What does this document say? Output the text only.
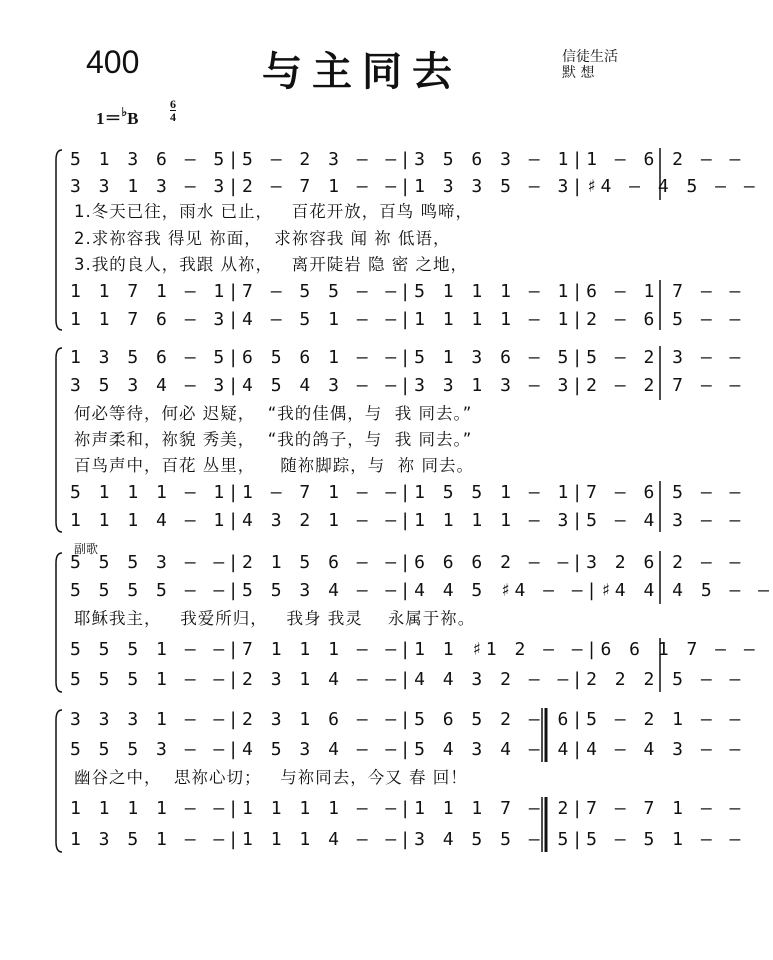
400	与主同去	信徒生活
默 想
1＝♭B
6
4
副歌
5 1 3 6 – 5|5 – 2 3 – –|3 5 6 3 – 1|1 – 6 2 – –
3 3 1 3 – 3|2 – 7 1 – –|1 3 3 5 – 3|♯4 – 4 5 – –
1.冬天已往，雨水 已止，   百花开放，百鸟 鸣啼，
2.求祢容我 得见 祢面，  求祢容我 闻 祢 低语，
3.我的良人，我跟 从祢，   离开陡岩 隐 密 之地，
1 1 7 1 – 1|7 – 5 5 – –|5 1 1 1 – 1|6 – 1 7 – –
1 1 7 6 – 3|4 – 5 1 – –|1 1 1 1 – 1|2 – 6 5 – –
1 3 5 6 – 5|6 5 6 1 – –|5 1 3 6 – 5|5 – 2 3 – –
3 5 3 4 – 3|4 5 4 3 – –|3 3 1 3 – 3|2 – 2 7 – –
何必等待，何必 迟疑，  “我的佳偶，与  我 同去。”
祢声柔和，祢貌 秀美，  “我的鸽子，与  我 同去。”
百鸟声中，百花 丛里，    随祢脚踪，与  祢 同去。
5 1 1 1 – 1|1 – 7 1 – –|1 5 5 1 – 1|7 – 6 5 – –
1 1 1 4 – 1|4 3 2 1 – –|1 1 1 1 – 3|5 – 4 3 – –
5 5 5 3 – –|2 1 5 6 – –|6 6 6 2 – –|3 2 6 2 – –
5 5 5 5 – –|5 5 3 4 – –|4 4 5 ♯4 – –|♯4 4 4 5 – –
耶稣我主，   我爱所归，   我身 我灵    永属于祢。
5 5 5 1 – –|7 1 1 1 – –|1 1 ♯1 2 – –|6 6 1 7 – –
5 5 5 1 – –|2 3 1 4 – –|4 4 3 2 – –|2 2 2 5 – –
3 3 3 1 – –|2 3 1 6 – –|5 6 5 2 – 6|5 – 2 1 – –
5 5 5 3 – –|4 5 3 4 – –|5 4 3 4 – 4|4 – 4 3 – –
幽谷之中，  思祢心切；   与祢同去，今又 春 回！
1 1 1 1 – –|1 1 1 1 – –|1 1 1 7 – 2|7 – 7 1 – –
1 3 5 1 – –|1 1 1 4 – –|3 4 5 5 – 5|5 – 5 1 – –
